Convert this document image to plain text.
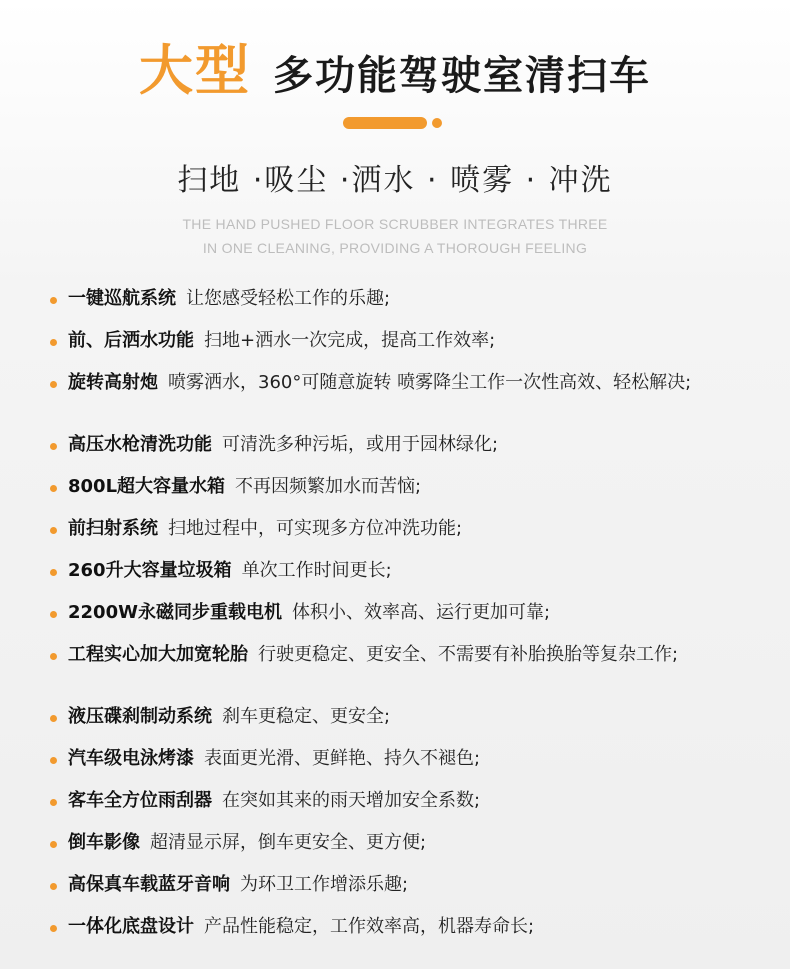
大型 多功能驾驶室清扫车
扫地 ·吸尘 ·洒水 · 喷雾 · 冲洗
THE HAND PUSHED FLOOR SCRUBBER INTEGRATES THREE
IN ONE CLEANING, PROVIDING A THOROUGH FEELING
一键巡航系统 让您感受轻松工作的乐趣;
前、后洒水功能 扫地+洒水一次完成，提高工作效率;
旋转高射炮 喷雾洒水，360°可随意旋转 喷雾降尘工作一次性高效、轻松解决;
高压水枪清洗功能 可清洗多种污垢，或用于园林绿化;
800L超大容量水箱 不再因频繁加水而苦恼;
前扫射系统 扫地过程中，可实现多方位冲洗功能;
260升大容量垃圾箱 单次工作时间更长;
2200W永磁同步重载电机 体积小、效率高、运行更加可靠;
工程实心加大加宽轮胎 行驶更稳定、更安全、不需要有补胎换胎等复杂工作;
液压碟刹制动系统 刹车更稳定、更安全;
汽车级电泳烤漆 表面更光滑、更鲜艳、持久不褪色;
客车全方位雨刮器 在突如其来的雨天增加安全系数;
倒车影像 超清显示屏，倒车更安全、更方便;
高保真车载蓝牙音响 为环卫工作增添乐趣;
一体化底盘设计 产品性能稳定，工作效率高，机器寿命长;
